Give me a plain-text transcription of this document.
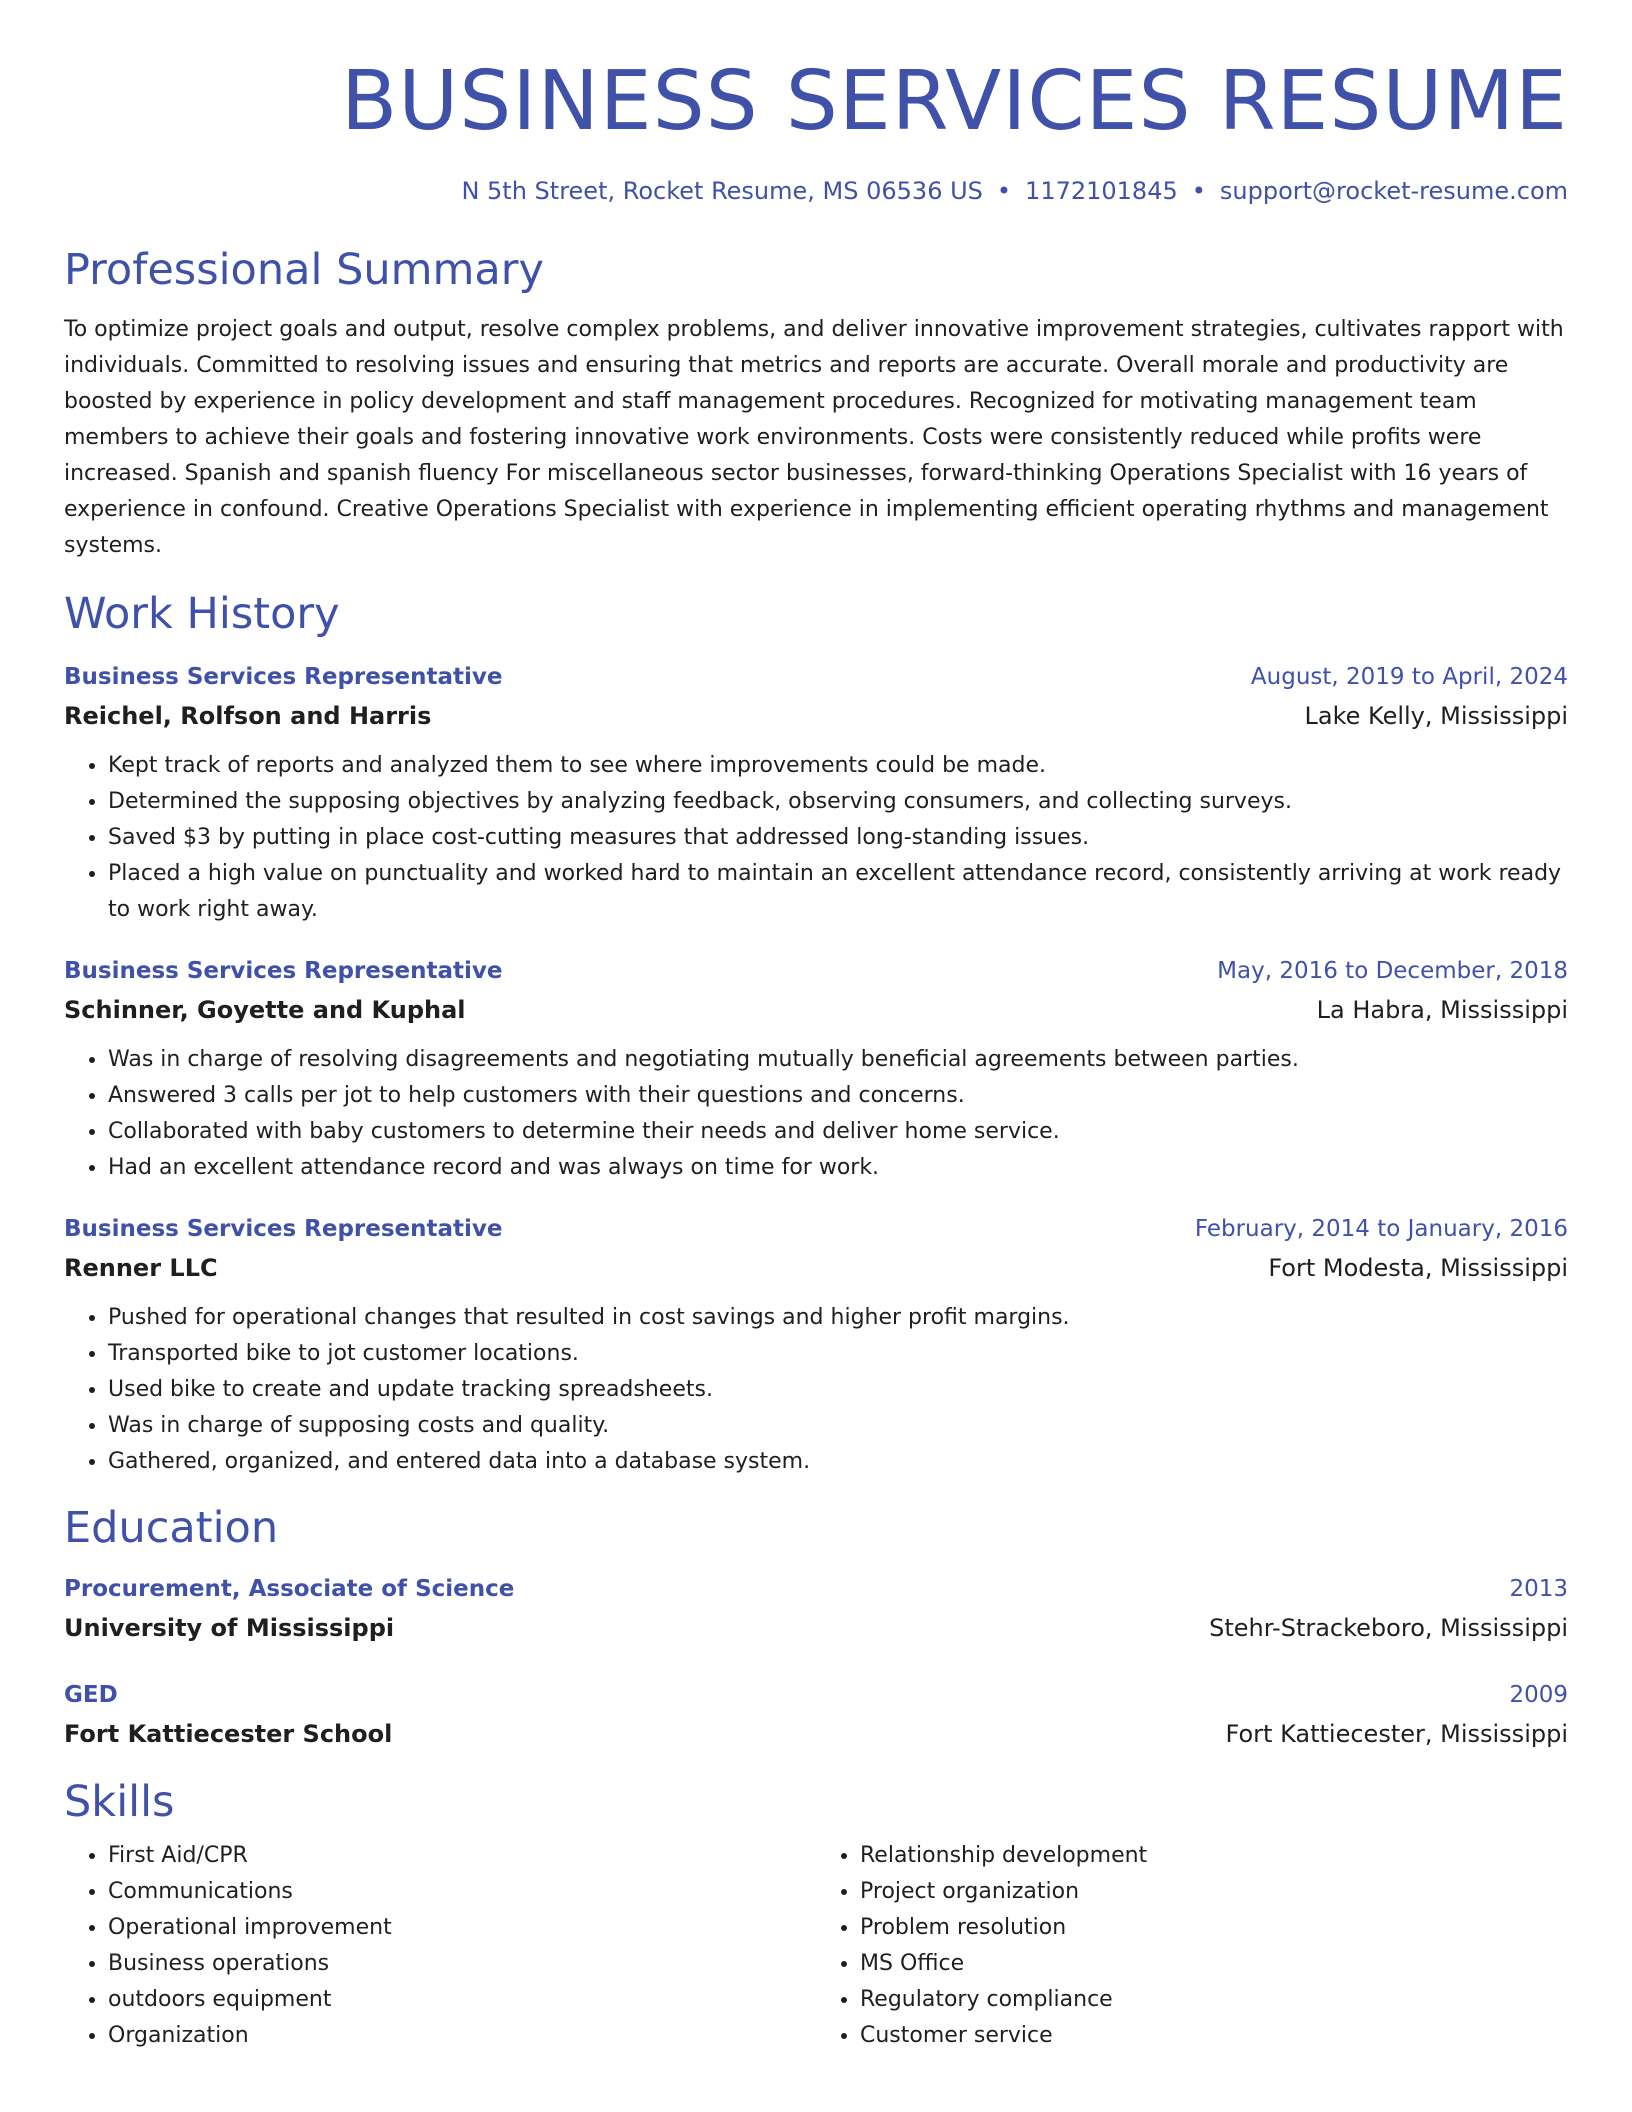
BUSINESS SERVICES RESUME
N 5th Street, Rocket Resume, MS 06536 US • 1172101845 • support@rocket-resume.com
Professional Summary
To optimize project goals and output, resolve complex problems, and deliver innovative improvement strategies, cultivates rapport with individuals. Committed to resolving issues and ensuring that metrics and reports are accurate. Overall morale and productivity are boosted by experience in policy development and staff management procedures. Recognized for motivating management team members to achieve their goals and fostering innovative work environments. Costs were consistently reduced while profits were increased. Spanish and spanish fluency For miscellaneous sector businesses, forward-thinking Operations Specialist with 16 years of experience in confound. Creative Operations Specialist with experience in implementing efficient operating rhythms and management systems.
Work History
Business Services Representative	August, 2019 to April, 2024
Reichel, Rolfson and Harris	Lake Kelly, Mississippi
• Kept track of reports and analyzed them to see where improvements could be made.
• Determined the supposing objectives by analyzing feedback, observing consumers, and collecting surveys.
• Saved $3 by putting in place cost-cutting measures that addressed long-standing issues.
• Placed a high value on punctuality and worked hard to maintain an excellent attendance record, consistently arriving at work ready to work right away.
Business Services Representative	May, 2016 to December, 2018
Schinner, Goyette and Kuphal	La Habra, Mississippi
• Was in charge of resolving disagreements and negotiating mutually beneficial agreements between parties.
• Answered 3 calls per jot to help customers with their questions and concerns.
• Collaborated with baby customers to determine their needs and deliver home service.
• Had an excellent attendance record and was always on time for work.
Business Services Representative	February, 2014 to January, 2016
Renner LLC	Fort Modesta, Mississippi
• Pushed for operational changes that resulted in cost savings and higher profit margins.
• Transported bike to jot customer locations.
• Used bike to create and update tracking spreadsheets.
• Was in charge of supposing costs and quality.
• Gathered, organized, and entered data into a database system.
Education
Procurement, Associate of Science	2013
University of Mississippi	Stehr-Strackeboro, Mississippi
GED	2009
Fort Kattiecester School	Fort Kattiecester, Mississippi
Skills
• First Aid/CPR
• Communications
• Operational improvement
• Business operations
• outdoors equipment
• Organization
• Relationship development
• Project organization
• Problem resolution
• MS Office
• Regulatory compliance
• Customer service
